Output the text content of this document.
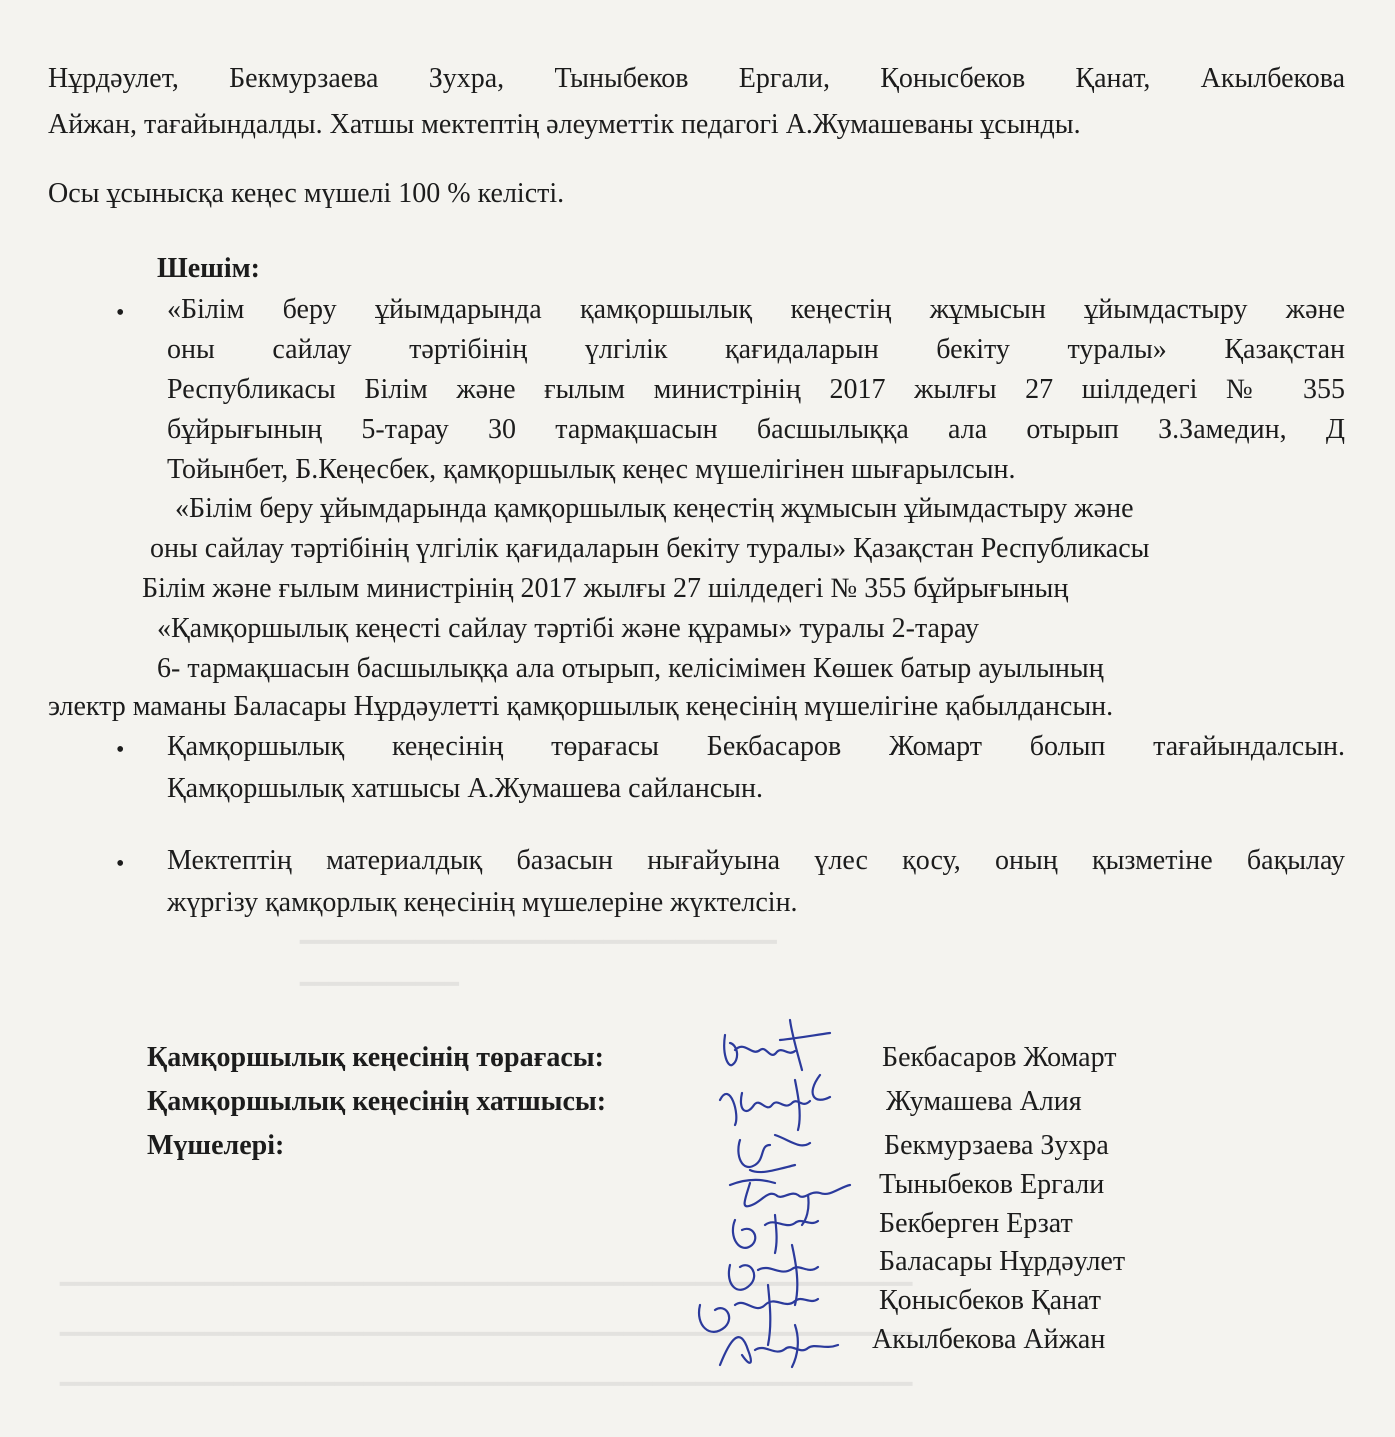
━━━━━━━━━━━━━━━━━━━━━━━━━━━━━━━━━
━━━━━━━━━━━
━━━━━━━━━━━━━━━━━━━━━━━━━━━━━━━━━━━━━━━━━━━━━━━━━━━━━━━━━━━
━━━━━━━━━━━━━━━━━━━━━━━━━━━━━━━━━━━━━━━━━━━━━━━━━━━━━━━━━━━
━━━━━━━━━━━━━━━━━━━━━━━━━━━━━━━━━━━━━━━━━━━━━━━━━━━━━━━━━━━
Нұрдәулет, Бекмурзаева Зухра, Тыныбеков Ергали, Қонысбеков Қанат, Акылбекова
Айжан, тағайындалды. Хатшы мектептің әлеуметтік педагогі А.Жумашеваны ұсынды.
Осы ұсынысқа кеңес мүшелі 100 % келісті.
Шешім:
• «Білім беру ұйымдарында қамқоршылық кеңестің жұмысын ұйымдастыру және
оны сайлау тәртібінің үлгілік қағидаларын бекіту туралы» Қазақстан
Республикасы Білім және ғылым министрінің 2017 жылғы 27 шілдедегі № 355
бұйрығының 5-тарау 30 тармақшасын басшылыққа ала отырып З.Замедин, Д
Тойынбет, Б.Кеңесбек, қамқоршылық кеңес мүшелігінен шығарылсын.
«Білім беру ұйымдарында қамқоршылық кеңестің жұмысын ұйымдастыру және
оны сайлау тәртібінің үлгілік қағидаларын бекіту туралы» Қазақстан Республикасы
Білім және ғылым министрінің 2017 жылғы 27 шілдедегі № 355 бұйрығының
«Қамқоршылық кеңесті сайлау тәртібі және құрамы» туралы 2-тарау
6- тармақшасын басшылыққа ала отырып, келісімімен Көшек батыр ауылының
электр маманы Баласары Нұрдәулетті қамқоршылық кеңесінің мүшелігіне қабылдансын.
• Қамқоршылық кеңесінің төрағасы Бекбасаров Жомарт болып тағайындалсын.
Қамқоршылық хатшысы А.Жумашева сайлансын.
• Мектептің материалдық базасын нығайуына үлес қосу, оның қызметіне бақылау
жүргізу қамқорлық кеңесінің мүшелеріне жүктелсін.
Қамқоршылық кеңесінің төрағасы:
Қамқоршылық кеңесінің хатшысы:
Мүшелері:
Бекбасаров Жомарт
Жумашева Алия
Бекмурзаева Зухра
Тыныбеков Ергали
Бекберген Ерзат
Баласары Нұрдәулет
Қонысбеков Қанат
Акылбекова Айжан
